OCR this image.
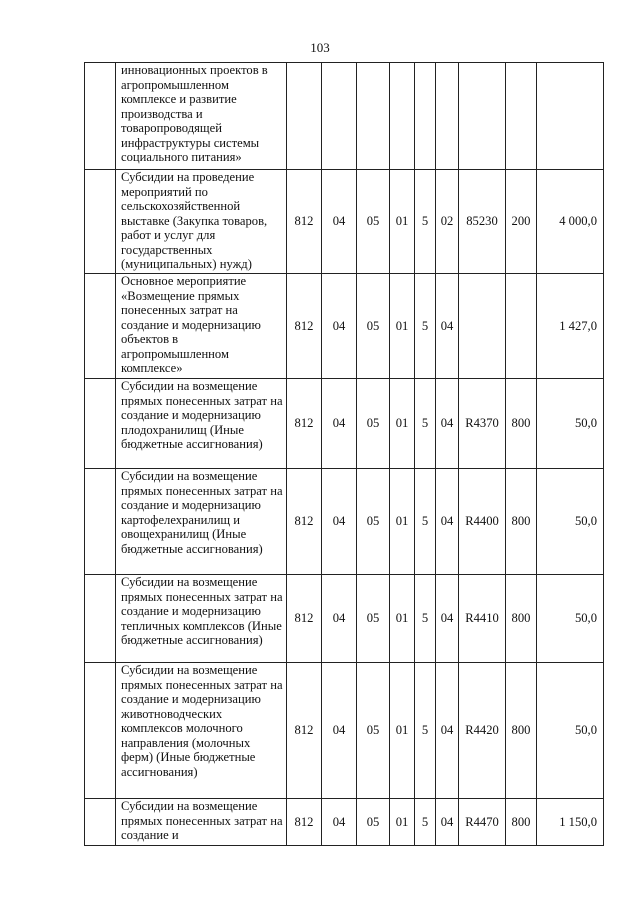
103
	инновационных проектов в агропромышленном комплексе и развитие производства и товаропроводящей инфраструктуры системы социального питания»									
	Субсидии на проведение мероприятий по сельскохозяйственной выставке (Закупка товаров, работ и услуг для государственных (муниципальных) нужд)	812	04	05	01	5	02	85230	200	4 000,0
	Основное мероприятие «Возмещение прямых понесенных затрат на создание и модернизацию объектов в агропромышленном комплексе»	812	04	05	01	5	04			1 427,0
	Субсидии на возмещение прямых понесенных затрат на создание и модернизацию плодохранилищ (Иные бюджетные ассигнования)	812	04	05	01	5	04	R4370	800	50,0
	Субсидии на возмещение прямых понесенных затрат на создание и модернизацию картофелехранилищ и овощехранилищ (Иные бюджетные ассигнования)	812	04	05	01	5	04	R4400	800	50,0
	Субсидии на возмещение прямых понесенных затрат на создание и модернизацию тепличных комплексов (Иные бюджетные ассигнования)	812	04	05	01	5	04	R4410	800	50,0
	Субсидии на возмещение прямых понесенных затрат на создание и модернизацию животноводческих комплексов молочного направления (молочных ферм) (Иные бюджетные ассигнования)	812	04	05	01	5	04	R4420	800	50,0
	Субсидии на возмещение прямых понесенных затрат на создание и	812	04	05	01	5	04	R4470	800	1 150,0
